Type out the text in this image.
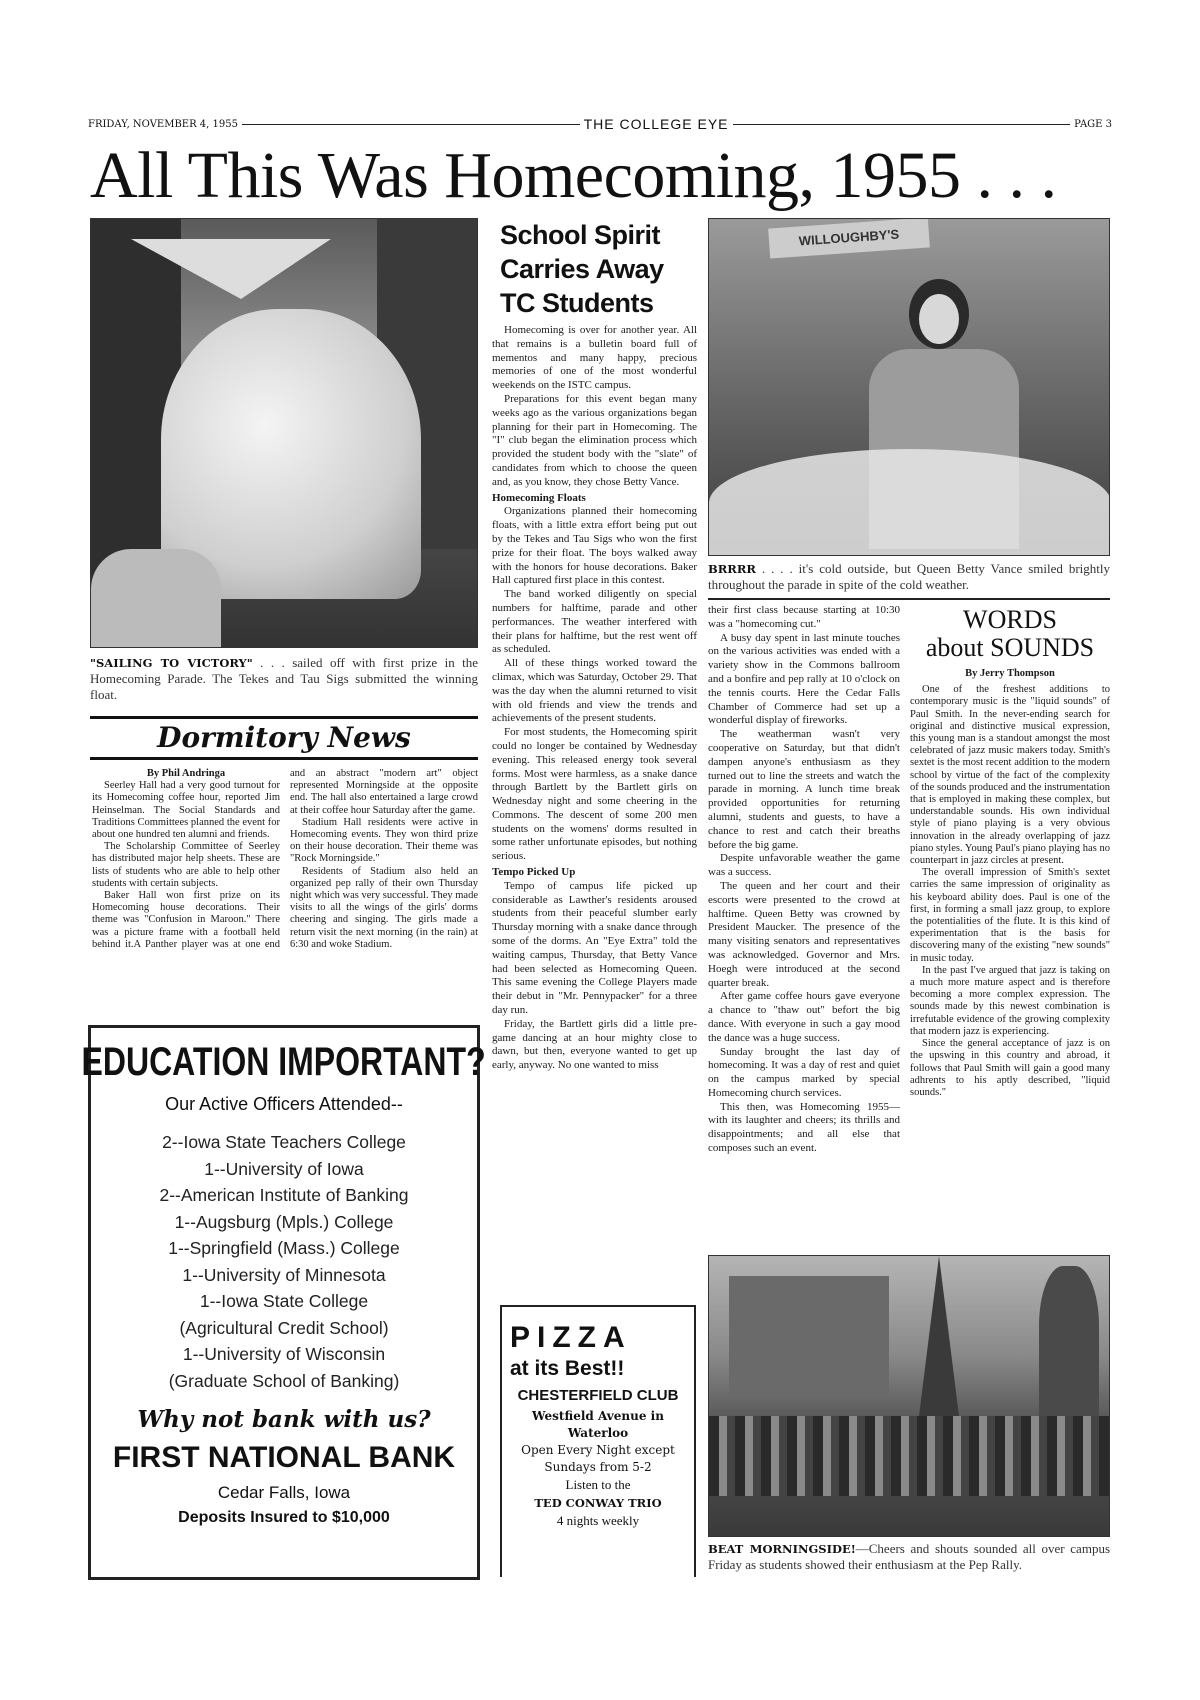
FRIDAY, NOVEMBER 4, 1955	THE COLLEGE EYE	PAGE 3
All This Was Homecoming, 1955 . . .
"SAILING TO VICTORY" . . . sailed off with first prize in the Homecoming Parade. The Tekes and Tau Sigs submitted the winning float.
Dormitory News
By Phil Andringa

Seerley Hall had a very good turnout for its Homecoming coffee hour, reported Jim Heinselman. The Social Standards and Traditions Committees planned the event for about one hundred ten alumni and friends.

The Scholarship Committee of Seerley has distributed major help sheets. These are lists of students who are able to help other students with certain subjects.

Baker Hall won first prize on its Homecoming house decorations. Their theme was "Confusion in Maroon." There was a picture frame with a football held behind it.A Panther player was at one end and an abstract "modern art" object represented Morningside at the opposite end. The hall also entertained a large crowd at their coffee hour Saturday after the game.

Stadium Hall residents were active in Homecoming events. They won third prize on their house decoration. Their theme was "Rock Morningside."

Residents of Stadium also held an organized pep rally of their own Thursday night which was very successful. They made visits to all the wings of the girls' dorms cheering and singing. The girls made a return visit the next morning (in the rain) at 6:30 and woke Stadium.

EDUCATION IMPORTANT?
Our Active Officers Attended--
2--Iowa State Teachers College
1--University of Iowa
2--American Institute of Banking
1--Augsburg (Mpls.) College
1--Springfield (Mass.) College
1--University of Minnesota
1--Iowa State College
(Agricultural Credit School)
1--University of Wisconsin
(Graduate School of Banking)
Why not bank with us?
FIRST NATIONAL BANK
Cedar Falls, Iowa
Deposits Insured to $10,000
School Spirit
Carries Away
TC Students

Homecoming is over for another year. All that remains is a bulletin board full of mementos and many happy, precious memories of one of the most wonderful weekends on the ISTC campus.

Preparations for this event began many weeks ago as the various organizations began planning for their part in Homecoming. The "I" club began the elimination process which provided the student body with the "slate" of candidates from which to choose the queen and, as you know, they chose Betty Vance.

Homecoming Floats

Organizations planned their homecoming floats, with a little extra effort being put out by the Tekes and Tau Sigs who won the first prize for their float. The boys walked away with the honors for house decorations. Baker Hall captured first place in this contest.

The band worked diligently on special numbers for halftime, parade and other performances. The weather interfered with their plans for halftime, but the rest went off as scheduled.

All of these things worked toward the climax, which was Saturday, October 29. That was the day when the alumni returned to visit with old friends and view the trends and achievements of the present students.

For most students, the Homecoming spirit could no longer be contained by Wednesday evening. This released energy took several forms. Most were harmless, as a snake dance through Bartlett by the Bartlett girls on Wednesday night and some cheering in the Commons. The descent of some 200 men students on the womens' dorms resulted in some rather unfortunate episodes, but nothing serious.

Tempo Picked Up

Tempo of campus life picked up considerable as Lawther's residents aroused students from their peaceful slumber early Thursday morning with a snake dance through some of the dorms. An "Eye Extra" told the waiting campus, Thursday, that Betty Vance had been selected as Homecoming Queen. This same evening the College Players made their debut in "Mr. Pennypacker" for a three day run.

Friday, the Bartlett girls did a little pre-game dancing at an hour mighty close to dawn, but then, everyone wanted to get up early, anyway. No one wanted to miss

PIZZA
at its Best!!
CHESTERFIELD CLUB
Westfield Avenue in
Waterloo
Open Every Night except
Sundays from 5-2
Listen to the
TED CONWAY TRIO
4 nights weekly
WILLOUGHBY'S
BRRRR . . . . it's cold outside, but Queen Betty Vance smiled brightly throughout the parade in spite of the cold weather.

their first class because starting at 10:30 was a "homecoming cut."

A busy day spent in last minute touches on the various activities was ended with a variety show in the Commons ballroom and a bonfire and pep rally at 10 o'clock on the tennis courts. Here the Cedar Falls Chamber of Commerce had set up a wonderful display of fireworks.

The weatherman wasn't very cooperative on Saturday, but that didn't dampen anyone's enthusiasm as they turned out to line the streets and watch the parade in morning. A lunch time break provided opportunities for returning alumni, students and guests, to have a chance to rest and catch their breaths before the big game.

Despite unfavorable weather the game was a success.

The queen and her court and their escorts were presented to the crowd at halftime. Queen Betty was crowned by President Maucker. The presence of the many visiting senators and representatives was acknowledged. Governor and Mrs. Hoegh were introduced at the second quarter break.

After game coffee hours gave everyone a chance to "thaw out" befort the big dance. With everyone in such a gay mood the dance was a huge success.

Sunday brought the last day of homecoming. It was a day of rest and quiet on the campus marked by special Homecoming church services.

This then, was Homecoming 1955—with its laughter and cheers; its thrills and disappointments; and all else that composes such an event.

WORDS
about SOUNDS
By Jerry Thompson

One of the freshest additions to contemporary music is the "liquid sounds" of Paul Smith. In the never-ending search for original and distinctive musical expression, this young man is a standout amongst the most celebrated of jazz music makers today. Smith's sextet is the most recent addition to the modern school by virtue of the fact of the complexity of the sounds produced and the instrumentation that is employed in making these complex, but understandable sounds. His own individual style of piano playing is a very obvious innovation in the already overlapping of jazz piano styles. Young Paul's piano playing has no counterpart in jazz circles at present.

The overall impression of Smith's sextet carries the same impression of originality as his keyboard ability does. Paul is one of the first, in forming a small jazz group, to explore the potentialities of the flute. It is this kind of experimentation that is the basis for discovering many of the existing "new sounds" in music today.

In the past I've argued that jazz is taking on a much more mature aspect and is therefore becoming a more complex expression. The sounds made by this newest combination is irrefutable evidence of the growing complexity that modern jazz is experiencing.

Since the general acceptance of jazz is on the upswing in this country and abroad, it follows that Paul Smith will gain a good many adhrents to his aptly described, "liquid sounds."

BEAT MORNINGSIDE!—Cheers and shouts sounded all over campus Friday as students showed their enthusiasm at the Pep Rally.
